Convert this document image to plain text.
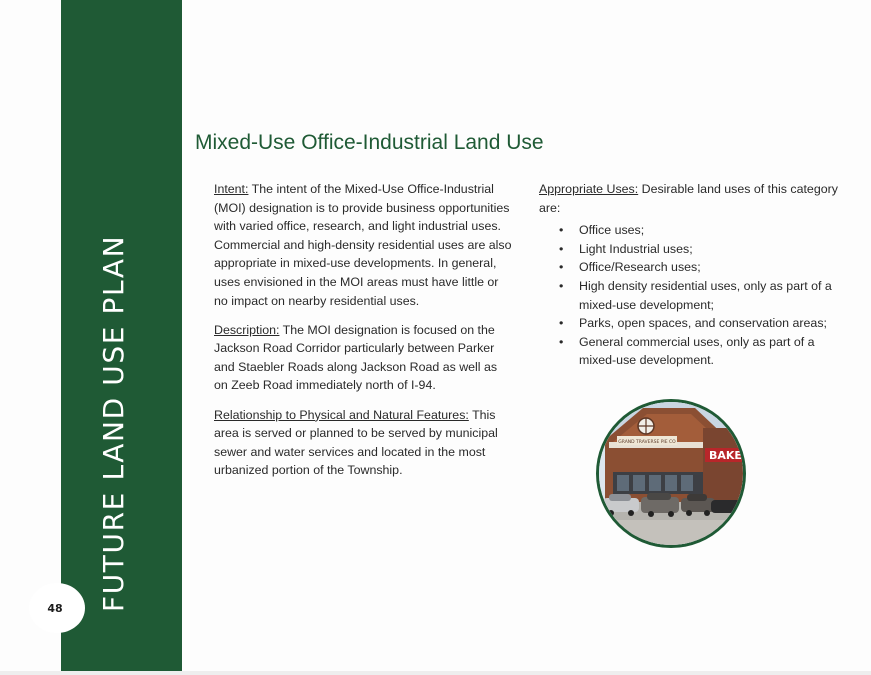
FUTURE LAND USE PLAN
48
Mixed-Use Office-Industrial Land Use

Intent: The intent of the Mixed-Use Office-Industrial (MOI) designation is to provide business opportunities with varied office, research, and light industrial uses. Commercial and high-density residential uses are also appropriate in mixed-use developments. In general, uses envisioned in the MOI areas must have little or no impact on nearby residential uses.

Description: The MOI designation is focused on the Jackson Road Corridor particularly between Parker and Staebler Roads along Jackson Road as well as on Zeeb Road immediately north of I-94.

Relationship to Physical and Natural Features: This area is served or planned to be served by municipal sewer and water services and located in the most urbanized portion of the Township.

Appropriate Uses: Desirable land uses of this category are:

• Office uses;
• Light Industrial uses;
• Office/Research uses;
• High density residential uses, only as part of a mixed-use development;
• Parks, open spaces, and conservation areas;
• General commercial uses, only as part of a mixed-use development.
GRAND TRAVERSE PIE CO
BAKE
